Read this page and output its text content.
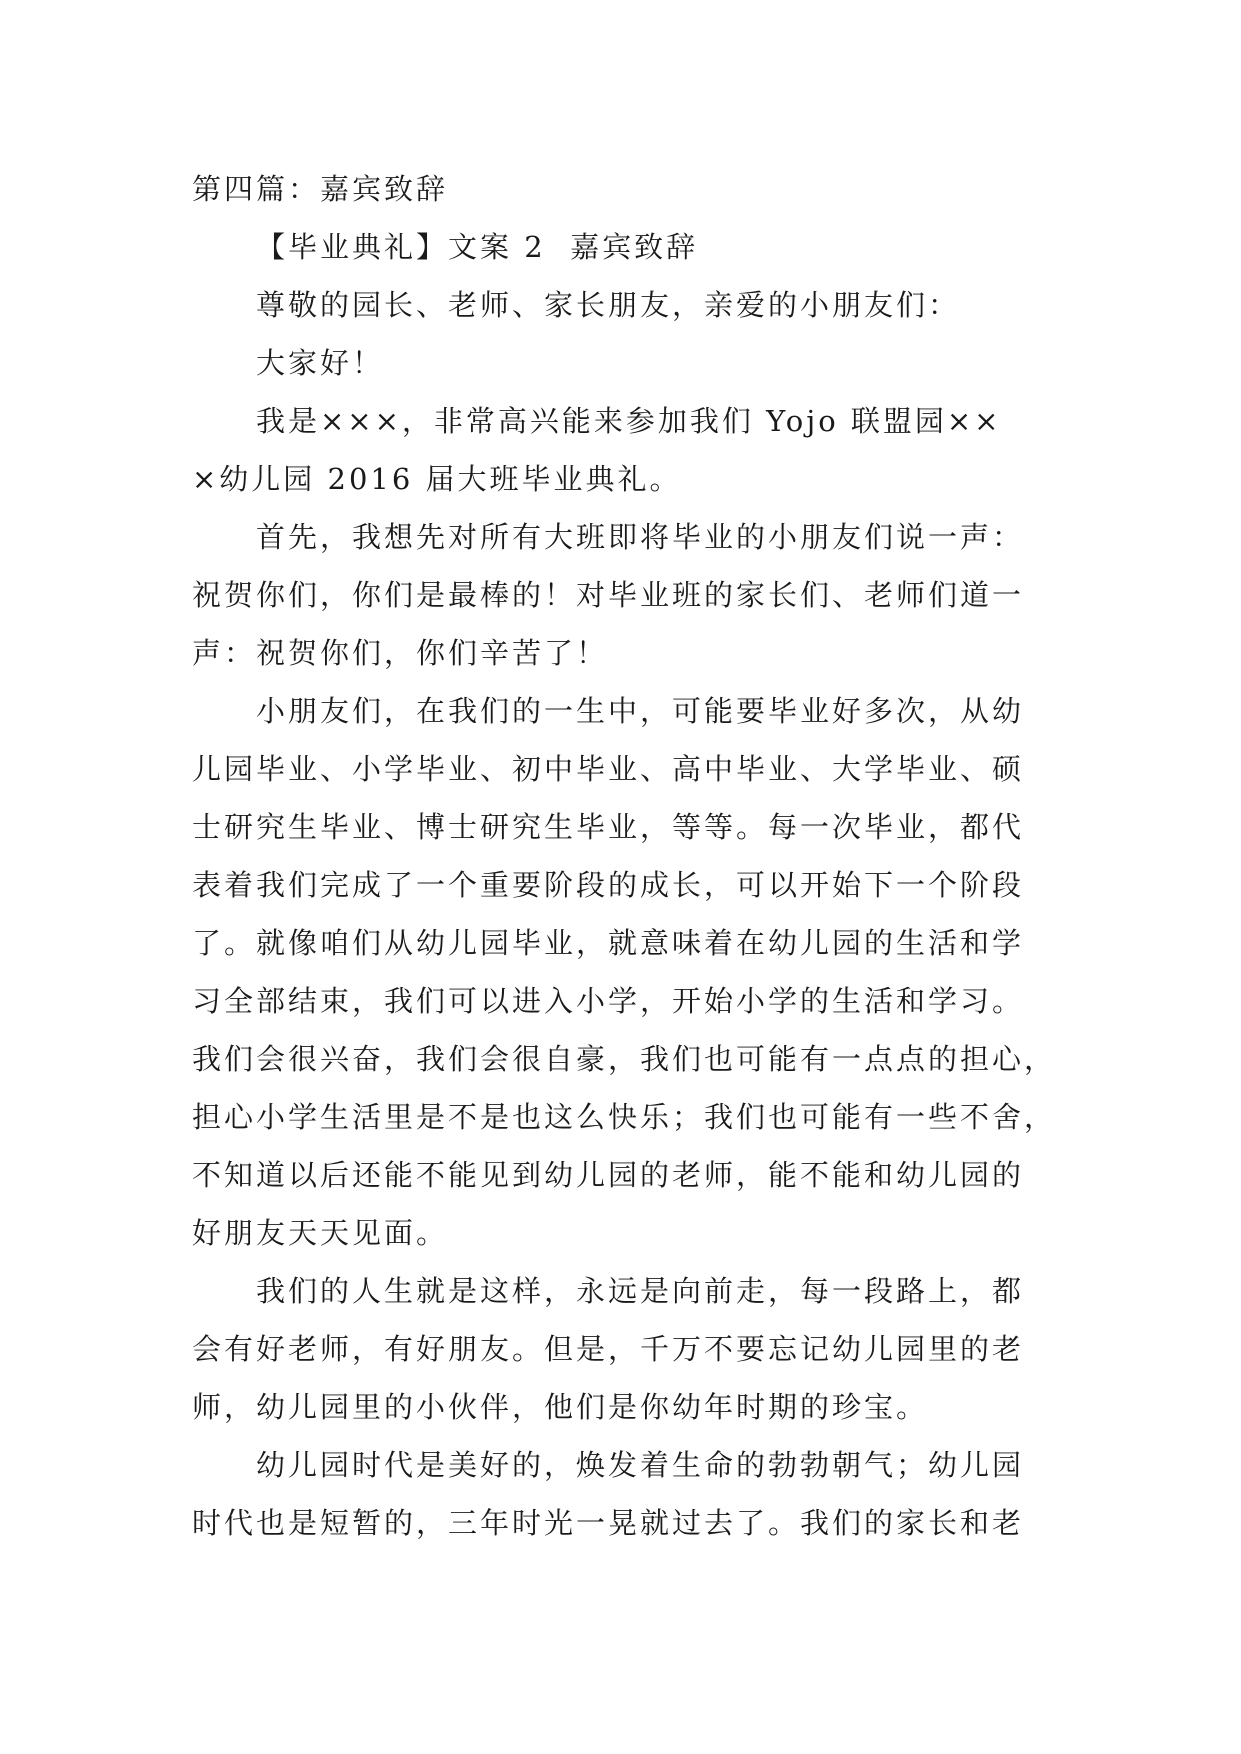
第四篇：嘉宾致辞

【毕业典礼】文案 2  嘉宾致辞

尊敬的园长、老师、家长朋友，亲爱的小朋友们：

大家好！

我是×××，非常高兴能来参加我们 Yojo 联盟园××

×幼儿园 2016 届大班毕业典礼。

首先，我想先对所有大班即将毕业的小朋友们说一声：

祝贺你们，你们是最棒的！对毕业班的家长们、老师们道一

声：祝贺你们，你们辛苦了！

小朋友们，在我们的一生中，可能要毕业好多次，从幼

儿园毕业、小学毕业、初中毕业、高中毕业、大学毕业、硕

士研究生毕业、博士研究生毕业，等等。每一次毕业，都代

表着我们完成了一个重要阶段的成长，可以开始下一个阶段

了。就像咱们从幼儿园毕业，就意味着在幼儿园的生活和学

习全部结束，我们可以进入小学，开始小学的生活和学习。

我们会很兴奋，我们会很自豪，我们也可能有一点点的担心，

担心小学生活里是不是也这么快乐；我们也可能有一些不舍，

不知道以后还能不能见到幼儿园的老师，能不能和幼儿园的

好朋友天天见面。

我们的人生就是这样，永远是向前走，每一段路上，都

会有好老师，有好朋友。但是，千万不要忘记幼儿园里的老

师，幼儿园里的小伙伴，他们是你幼年时期的珍宝。

幼儿园时代是美好的，焕发着生命的勃勃朝气；幼儿园

时代也是短暂的，三年时光一晃就过去了。我们的家长和老
